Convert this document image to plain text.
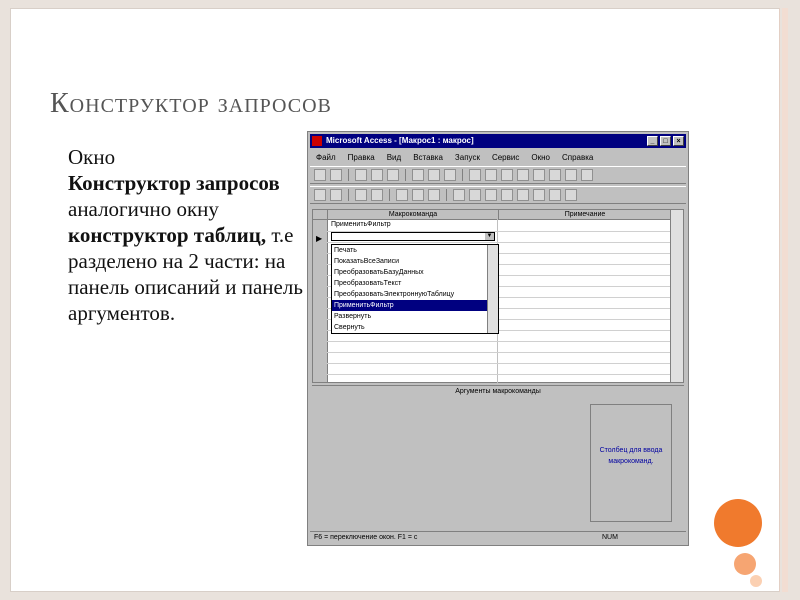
Конструктор запросов
Окно
Конструктор запросов
аналогично окну
конструктор таблиц, т.е разделено на 2 части: на панель описаний и панель аргументов.
Microsoft Access - [Макрос1 : макрос]	_	□	×
Файл Правка Вид Вставка Запуск Сервис Окно Справка
Макрокоманда	Примечание
ПрименитьФильтр
▶	▼
Печать
ПоказатьВсеЗаписи
ПреобразоватьБазуДанных
ПреобразоватьТекст
ПреобразоватьЭлектроннуюТаблицу
ПрименитьФильтр
Развернуть
Свернуть
Аргументы макрокоманды
Столбец для ввода макрокоманд.
F6 = переключение окон. F1 = с	NUM
